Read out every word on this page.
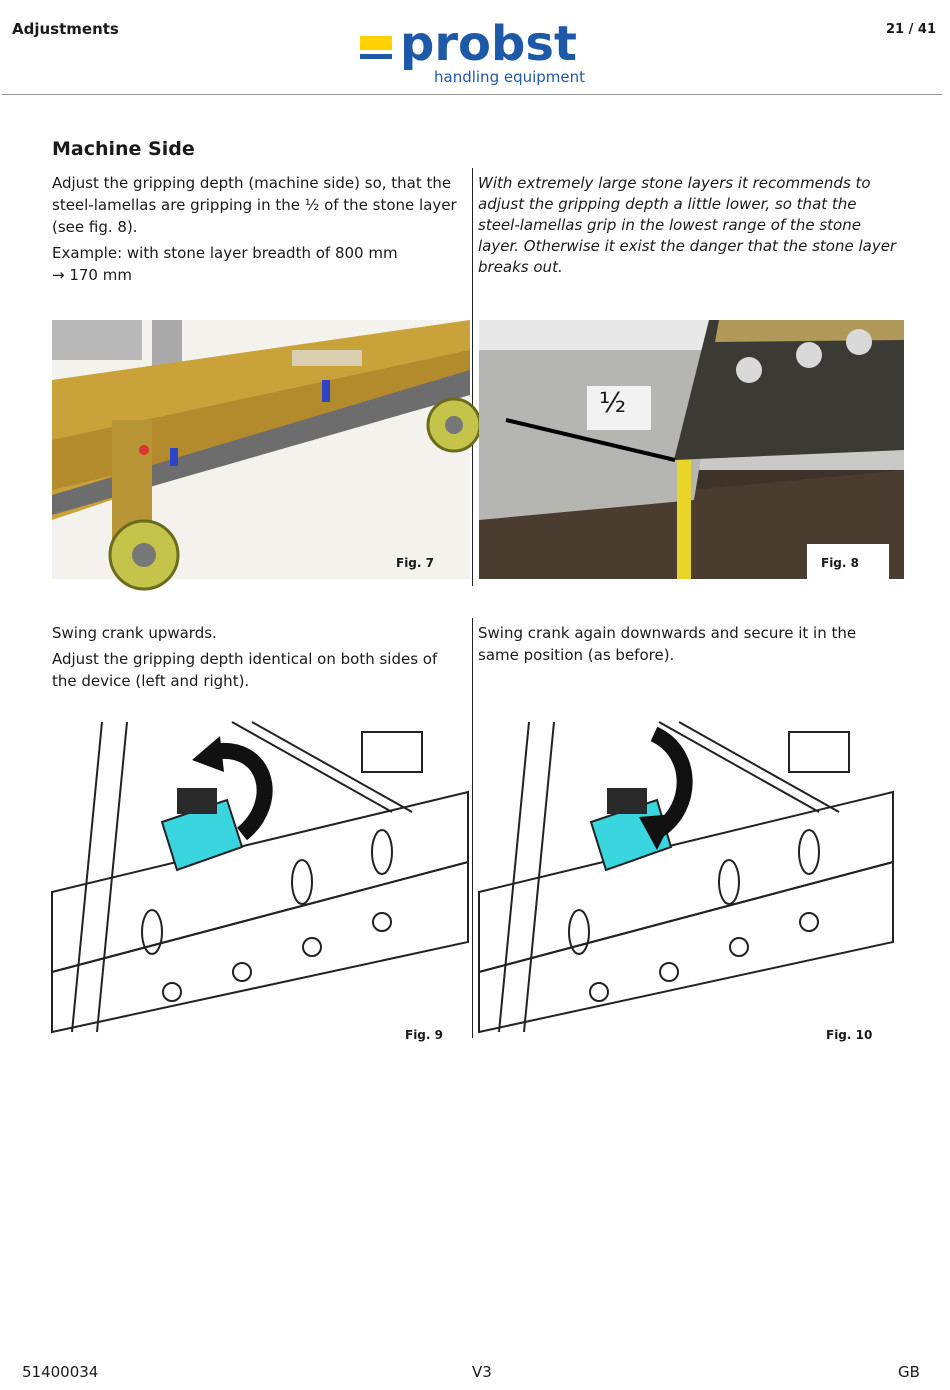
Adjustments	probst
handling equipment
21 / 41
Machine Side

Adjust the gripping depth (machine side) so, that the steel-lamellas are gripping in the ½ of the stone layer (see fig. 8).

Example: with stone layer breadth of 800 mm

→ 170 mm

With extremely large stone layers it recommends to adjust the gripping depth a little lower, so that the steel-lamellas grip in the lowest range of the stone layer. Otherwise it exist the danger that the stone layer breaks out.

Fig. 7
½
Fig. 8

Swing crank upwards.

Adjust the gripping depth identical on both sides of the device (left and right).

Swing crank again downwards and secure it in the same position (as before).

Fig. 9	Fig. 10
51400034	V3	GB
